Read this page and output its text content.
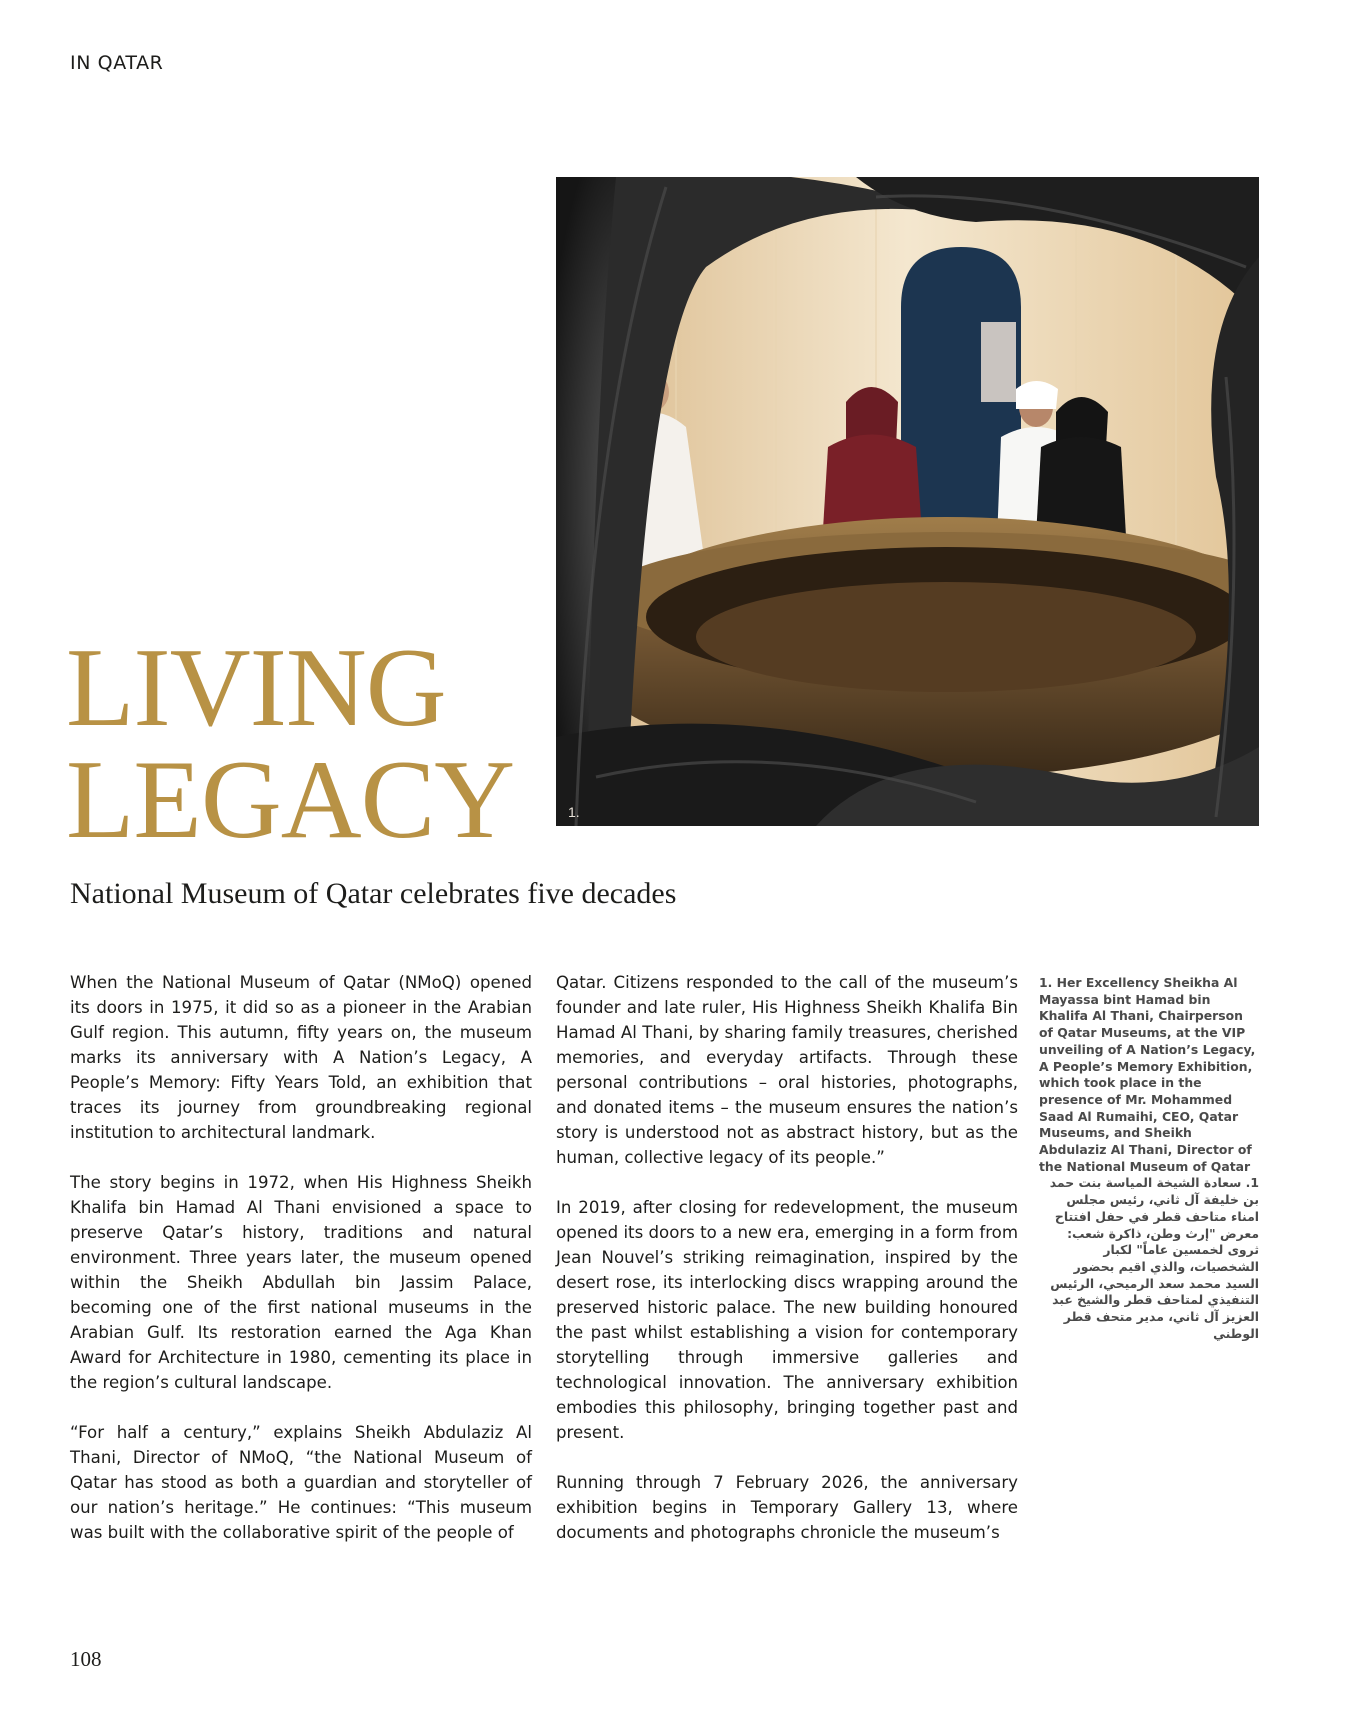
IN QATAR
1.
LIVING
LEGACY
National Museum of Qatar celebrates five decades

When the National Museum of Qatar (NMoQ) opened its doors in 1975, it did so as a pioneer in the Arabian Gulf region. This autumn, fifty years on, the museum marks its anniversary with A Nation’s Legacy, A People’s Memory: Fifty Years Told, an exhibition that traces its journey from groundbreaking regional institution to architectural landmark.

The story begins in 1972, when His Highness Sheikh Khalifa bin Hamad Al Thani envisioned a space to preserve Qatar’s history, traditions and natural environment. Three years later, the museum opened within the Sheikh Abdullah bin Jassim Palace, becoming one of the first national museums in the Arabian Gulf. Its restoration earned the Aga Khan Award for Architecture in 1980, cementing its place in the region’s cultural landscape.

“For half a century,” explains Sheikh Abdulaziz Al Thani, Director of NMoQ, “the National Museum of Qatar has stood as both a guardian and storyteller of our nation’s heritage.” He continues: “This museum was built with the collaborative spirit of the people of

Qatar. Citizens responded to the call of the museum’s founder and late ruler, His Highness Sheikh Khalifa Bin Hamad Al Thani, by sharing family treasures, cherished memories, and everyday artifacts. Through these personal contributions – oral histories, photographs, and donated items – the museum ensures the nation’s story is understood not as abstract history, but as the human, collective legacy of its people.”

In 2019, after closing for redevelopment, the museum opened its doors to a new era, emerging in a form from Jean Nouvel’s striking reimagination, inspired by the desert rose, its interlocking discs wrapping around the preserved historic palace. The new building honoured the past whilst establishing a vision for contemporary storytelling through immersive galleries and technological innovation. The anniversary exhibition embodies this philosophy, bringing together past and present.

Running through 7 February 2026, the anniversary exhibition begins in Temporary Gallery 13, where documents and photographs chronicle the museum’s

1. Her Excellency Sheikha Al Mayassa bint Hamad bin Khalifa Al Thani, Chairperson of Qatar Museums, at the VIP unveiling of A Nation’s Legacy, A People’s Memory Exhibition, which took place in the presence of Mr. Mohammed Saad Al Rumaihi, CEO, Qatar Museums, and Sheikh Abdulaziz Al Thani, Director of the National Museum of Qatar
1. سعادة الشيخة المياسة بنت حمد بن خليفة آل ثاني، رئيس مجلس امناء متاحف قطر في حفل افتتاح معرض "إرث وطن، ذاكرة شعب: ثروى لخمسين عاماً" لكبار الشخصيات، والذي اقيم بحضور السيد محمد سعد الرميحي، الرئيس التنفيذي لمتاحف قطر والشيخ عبد العزيز آل ثاني، مدير متحف قطر الوطني
108
